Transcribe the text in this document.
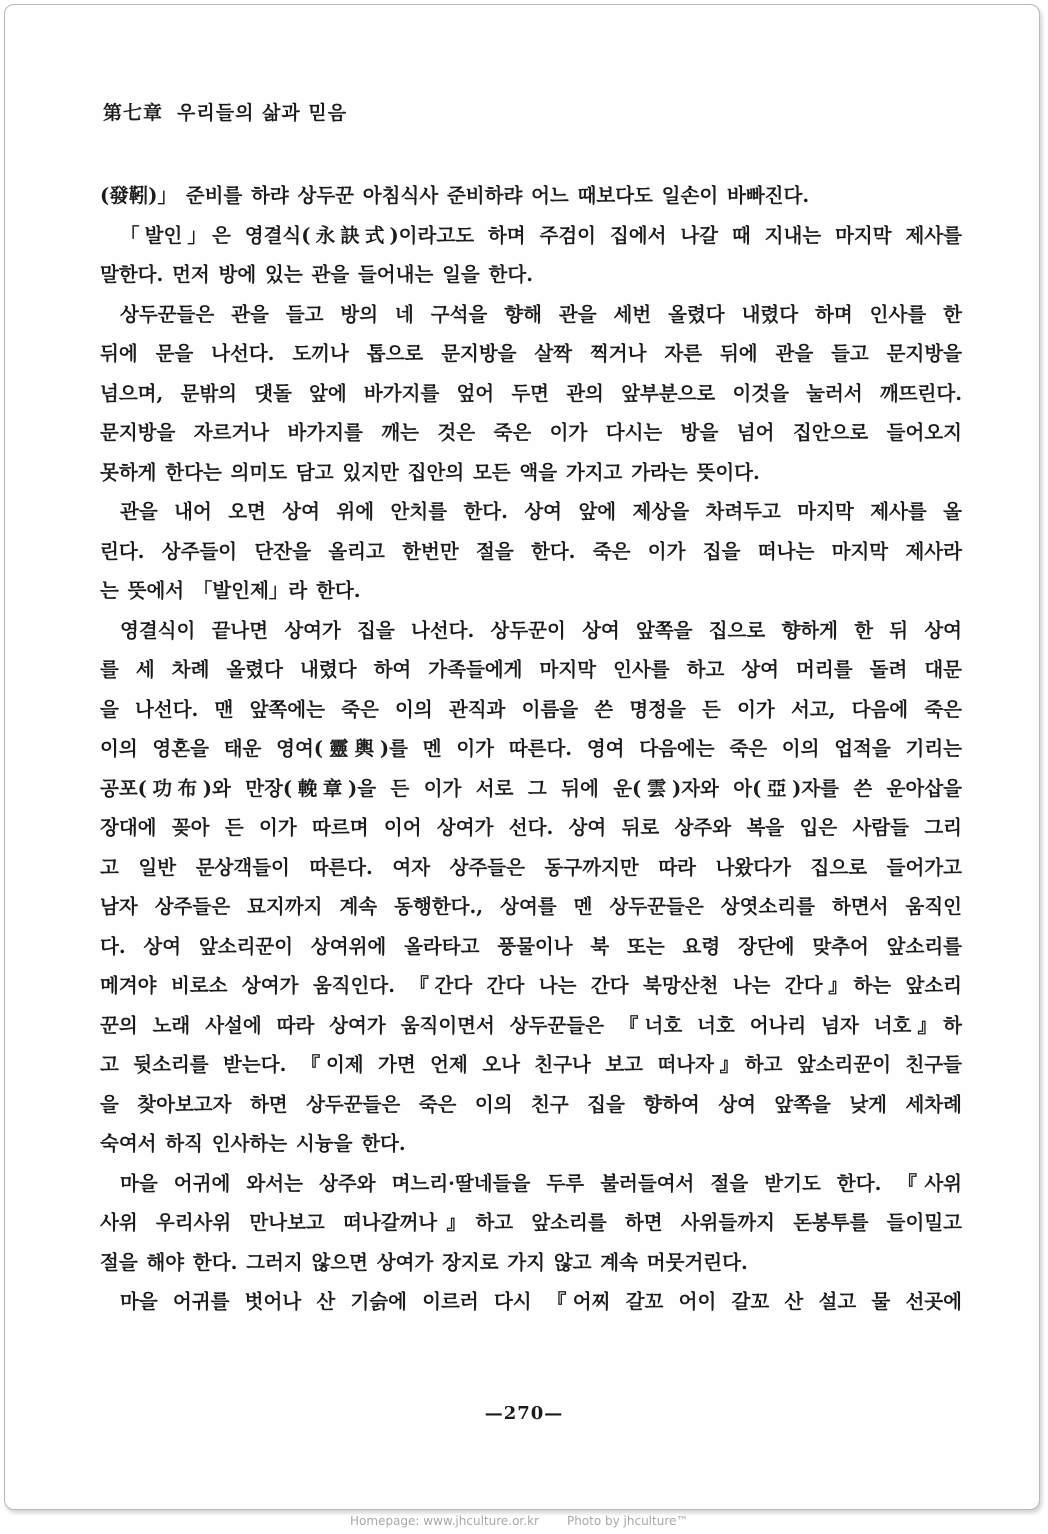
第七章 우리들의 삶과 믿음
(發靷)」 준비를 하랴 상두꾼 아침식사 준비하랴 어느 때보다도 일손이 바빠진다.
「발인」은 영결식(永訣式)이라고도 하며 주검이 집에서 나갈 때 지내는 마지막 제사를
말한다. 먼저 방에 있는 관을 들어내는 일을 한다.
상두꾼들은 관을 들고 방의 네 구석을 향해 관을 세번 올렸다 내렸다 하며 인사를 한
뒤에 문을 나선다. 도끼나 톱으로 문지방을 살짝 찍거나 자른 뒤에 관을 들고 문지방을
넘으며, 문밖의 댓돌 앞에 바가지를 엎어 두면 관의 앞부분으로 이것을 눌러서 깨뜨린다.
문지방을 자르거나 바가지를 깨는 것은 죽은 이가 다시는 방을 넘어 집안으로 들어오지
못하게 한다는 의미도 담고 있지만 집안의 모든 액을 가지고 가라는 뜻이다.
관을 내어 오면 상여 위에 안치를 한다. 상여 앞에 제상을 차려두고 마지막 제사를 올
린다. 상주들이 단잔을 올리고 한번만 절을 한다. 죽은 이가 집을 떠나는 마지막 제사라
는 뜻에서 「발인제」라 한다.
영결식이 끝나면 상여가 집을 나선다. 상두꾼이 상여 앞쪽을 집으로 향하게 한 뒤 상여
를 세 차례 올렸다 내렸다 하여 가족들에게 마지막 인사를 하고 상여 머리를 돌려 대문
을 나선다. 맨 앞쪽에는 죽은 이의 관직과 이름을 쓴 명정을 든 이가 서고, 다음에 죽은
이의 영혼을 태운 영여(靈輿)를 멘 이가 따른다. 영여 다음에는 죽은 이의 업적을 기리는
공포(功布)와 만장(輓章)을 든 이가 서로 그 뒤에 운(雲)자와 아(亞)자를 쓴 운아삽을
장대에 꽂아 든 이가 따르며 이어 상여가 선다. 상여 뒤로 상주와 복을 입은 사람들 그리
고 일반 문상객들이 따른다. 여자 상주들은 동구까지만 따라 나왔다가 집으로 들어가고
남자 상주들은 묘지까지 계속 동행한다., 상여를 멘 상두꾼들은 상엿소리를 하면서 움직인
다. 상여 앞소리꾼이 상여위에 올라타고 풍물이나 북 또는 요령 장단에 맞추어 앞소리를
메겨야 비로소 상여가 움직인다. 『간다 간다 나는 간다 북망산천 나는 간다』하는 앞소리
꾼의 노래 사설에 따라 상여가 움직이면서 상두꾼들은 『너호 너호 어나리 넘자 너호』하
고 뒷소리를 받는다. 『이제 가면 언제 오나 친구나 보고 떠나자』하고 앞소리꾼이 친구들
을 찾아보고자 하면 상두꾼들은 죽은 이의 친구 집을 향하여 상여 앞쪽을 낮게 세차례
숙여서 하직 인사하는 시늉을 한다.
마을 어귀에 와서는 상주와 며느리·딸네들을 두루 불러들여서 절을 받기도 한다. 『사위
사위 우리사위 만나보고 떠나갈꺼나』하고 앞소리를 하면 사위들까지 돈봉투를 들이밀고
절을 해야 한다. 그러지 않으면 상여가 장지로 가지 않고 계속 머뭇거린다.
마을 어귀를 벗어나 산 기슭에 이르러 다시 『어찌 갈꼬 어이 갈꼬 산 설고 물 선곳에
—270—
Homepage: www.jhculture.or.kr Photo by jhculture™
